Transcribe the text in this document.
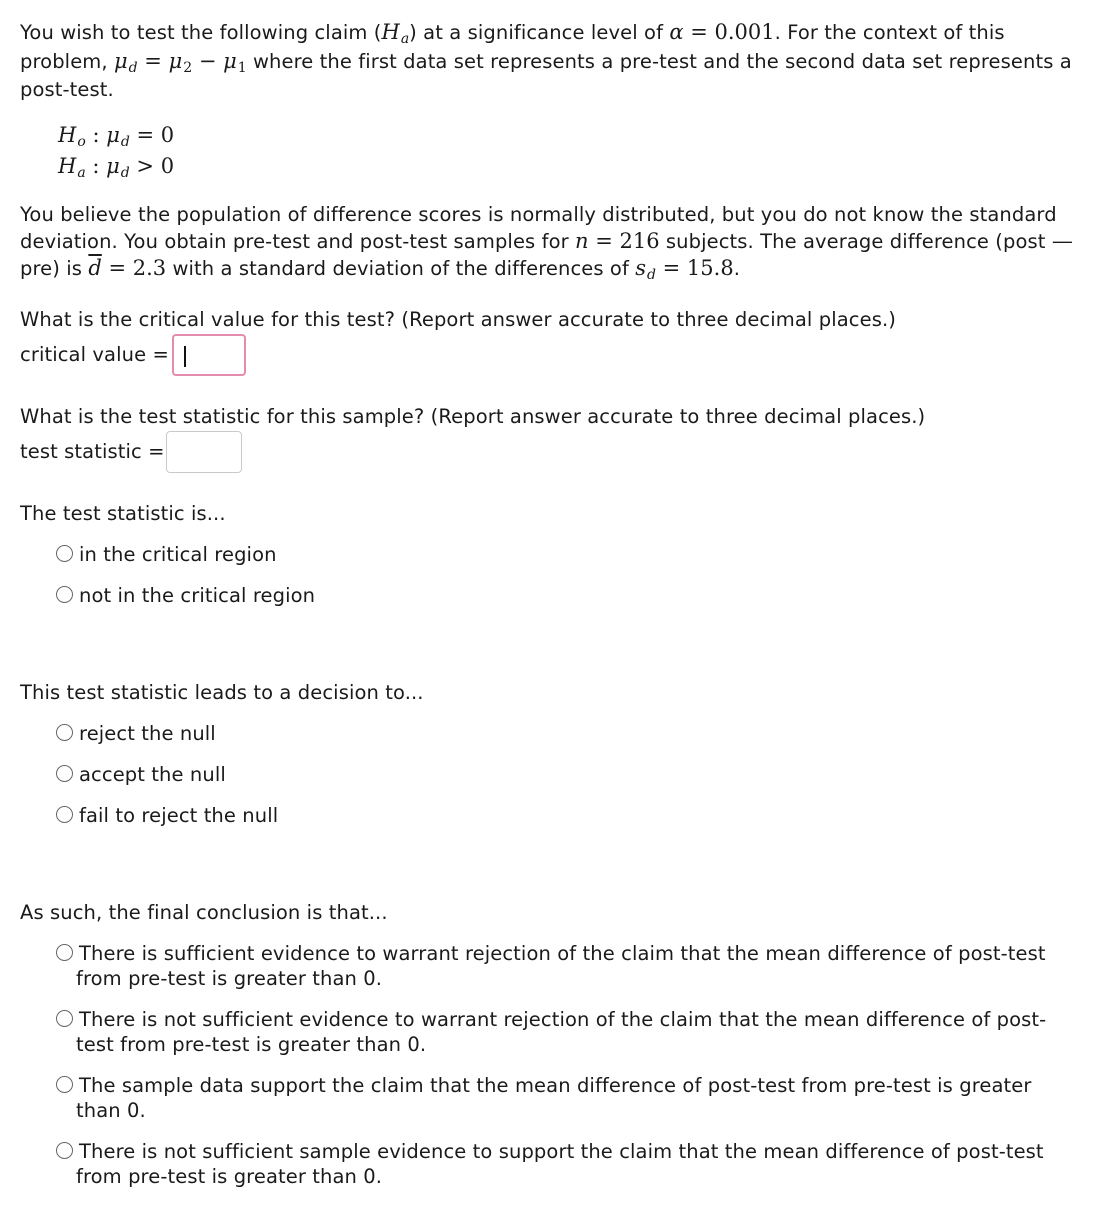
You wish to test the following claim $(H_a)$ at a significance level of α = 0.001. For the context of this
problem, $\mu_d = \mu_2 - \mu_1$ where the first data set represents a pre-test and the second data set represents a
post-test.
Ho : μd = 0
Ha : μd > 0
You believe the population of difference scores is normally distributed, but you do not know the standard
deviation. You obtain pre-test and post-test samples for n = 216 subjects. The average difference (post —
pre) is $\overline{d} = 2.3$ with a standard deviation of the differences of $s_d = 15.8$.
What is the critical value for this test? (Report answer accurate to three decimal places.)
critical value =
What is the test statistic for this sample? (Report answer accurate to three decimal places.)
test statistic =
The test statistic is...
in the critical region
not in the critical region
This test statistic leads to a decision to...
reject the null
accept the null
fail to reject the null
As such, the final conclusion is that...
There is sufficient evidence to warrant rejection of the claim that the mean difference of post-test
from pre-test is greater than 0.
There is not sufficient evidence to warrant rejection of the claim that the mean difference of post-
test from pre-test is greater than 0.
The sample data support the claim that the mean difference of post-test from pre-test is greater
than 0.
There is not sufficient sample evidence to support the claim that the mean difference of post-test
from pre-test is greater than 0.
